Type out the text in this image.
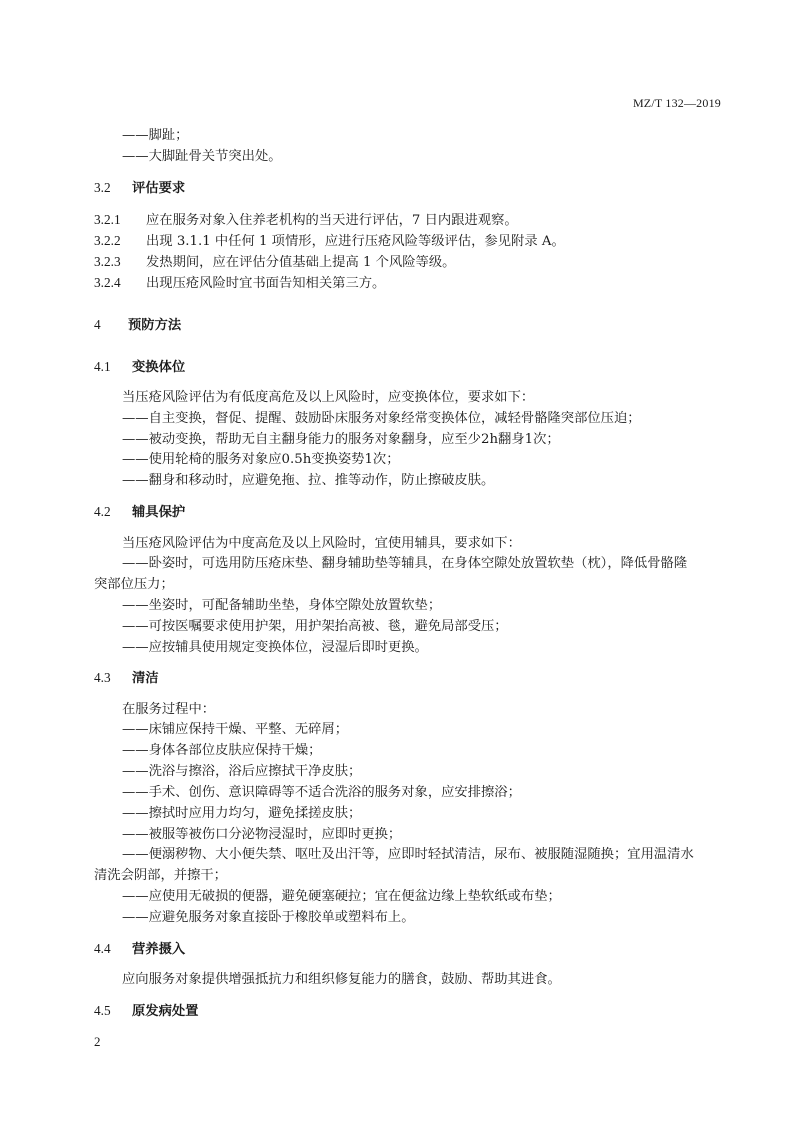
MZ/T 132—2019
——脚趾；
——大脚趾骨关节突出处。
3.2 评估要求
3.2.1 应在服务对象入住养老机构的当天进行评估，7 日内跟进观察。
3.2.2 出现 3.1.1 中任何 1 项情形，应进行压疮风险等级评估，参见附录 A。
3.2.3 发热期间，应在评估分值基础上提高 1 个风险等级。
3.2.4 出现压疮风险时宜书面告知相关第三方。
4 预防方法
4.1 变换体位
当压疮风险评估为有低度高危及以上风险时，应变换体位，要求如下：
——自主变换，督促、提醒、鼓励卧床服务对象经常变换体位，减轻骨骼隆突部位压迫；
——被动变换，帮助无自主翻身能力的服务对象翻身，应至少2h翻身1次；
——使用轮椅的服务对象应0.5h变换姿势1次；
——翻身和移动时，应避免拖、拉、推等动作，防止擦破皮肤。
4.2 辅具保护
当压疮风险评估为中度高危及以上风险时，宜使用辅具，要求如下：
——卧姿时，可选用防压疮床垫、翻身辅助垫等辅具，在身体空隙处放置软垫（枕），降低骨骼隆
突部位压力；
——坐姿时，可配备辅助坐垫，身体空隙处放置软垫；
——可按医嘱要求使用护架，用护架抬高被、毯，避免局部受压；
——应按辅具使用规定变换体位，浸湿后即时更换。
4.3 清洁
在服务过程中：
——床铺应保持干燥、平整、无碎屑；
——身体各部位皮肤应保持干燥；
——洗浴与擦浴，浴后应擦拭干净皮肤；
——手术、创伤、意识障碍等不适合洗浴的服务对象，应安排擦浴；
——擦拭时应用力均匀，避免揉搓皮肤；
——被服等被伤口分泌物浸湿时，应即时更换；
——便溺秽物、大小便失禁、呕吐及出汗等，应即时轻拭清洁，尿布、被服随湿随换；宜用温清水
清洗会阴部，并擦干；
——应使用无破损的便器，避免硬塞硬拉；宜在便盆边缘上垫软纸或布垫；
——应避免服务对象直接卧于橡胶单或塑料布上。
4.4 营养摄入
应向服务对象提供增强抵抗力和组织修复能力的膳食，鼓励、帮助其进食。
4.5 原发病处置
2
